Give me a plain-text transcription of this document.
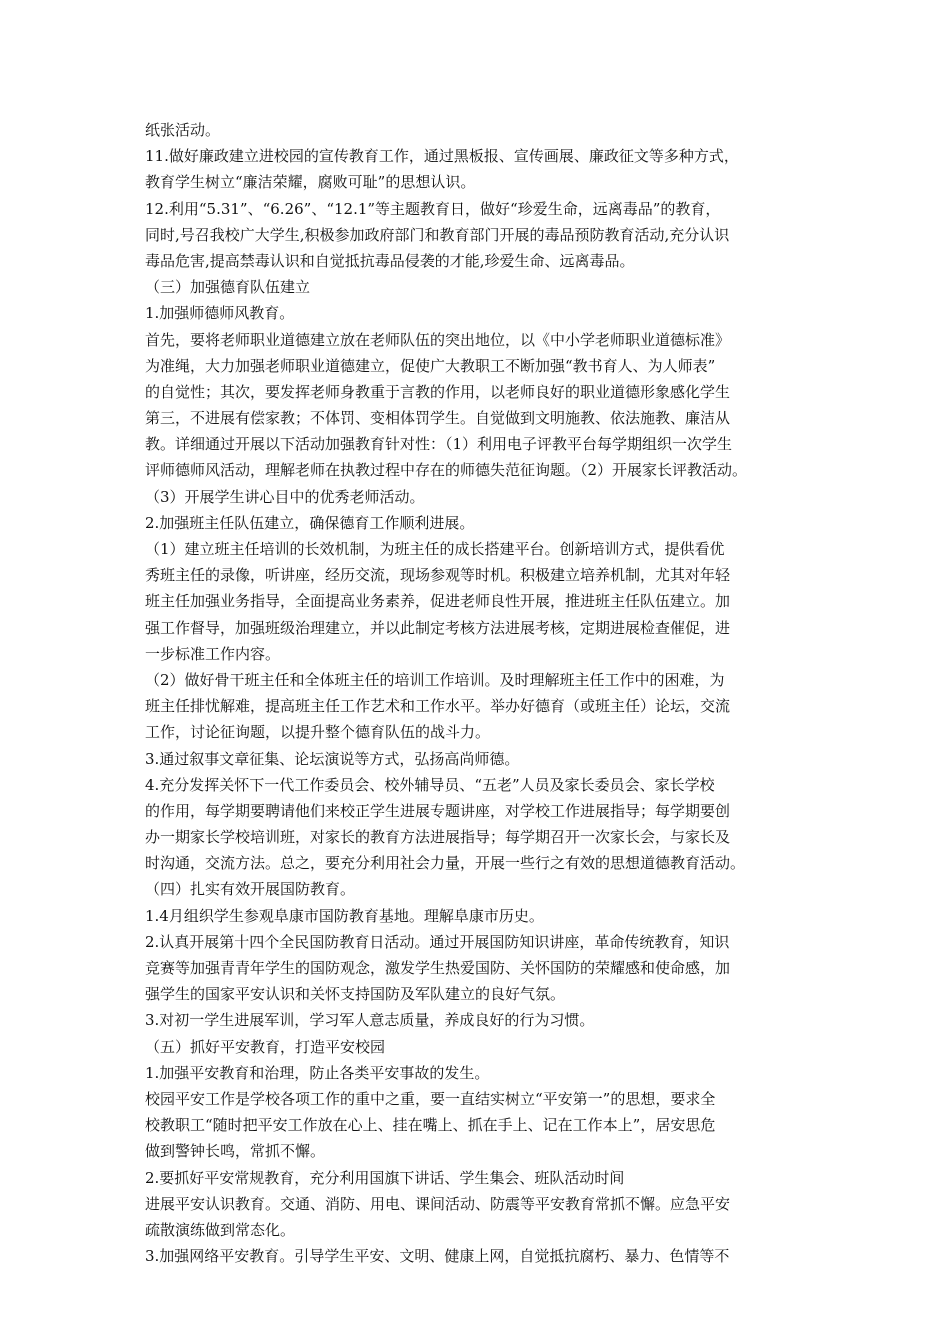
纸张活动。
11.做好廉政建立进校园的宣传教育工作，通过黑板报、宣传画展、廉政征文等多种方式，
教育学生树立“廉洁荣耀，腐败可耻”的思想认识。
12.利用“5.31”、“6.26”、“12.1”等主题教育日，做好“珍爱生命，远离毒品”的教育，
同时,号召我校广大学生,积极参加政府部门和教育部门开展的毒品预防教育活动,充分认识
毒品危害,提高禁毒认识和自觉抵抗毒品侵袭的才能,珍爱生命、远离毒品。
（三）加强德育队伍建立
1.加强师德师风教育。
首先，要将老师职业道德建立放在老师队伍的突出地位，以《中小学老师职业道德标准》
为准绳，大力加强老师职业道德建立，促使广大教职工不断加强“教书育人、为人师表”
的自觉性；其次，要发挥老师身教重于言教的作用，以老师良好的职业道德形象感化学生
第三，不进展有偿家教；不体罚、变相体罚学生。自觉做到文明施教、依法施教、廉洁从
教。详细通过开展以下活动加强教育针对性：（1）利用电子评教平台每学期组织一次学生
评师德师风活动，理解老师在执教过程中存在的师德失范征询题。（2）开展家长评教活动。
（3）开展学生讲心目中的优秀老师活动。
2.加强班主任队伍建立，确保德育工作顺利进展。
（1）建立班主任培训的长效机制，为班主任的成长搭建平台。创新培训方式，提供看优
秀班主任的录像，听讲座，经历交流，现场参观等时机。积极建立培养机制，尤其对年轻
班主任加强业务指导，全面提高业务素养，促进老师良性开展，推进班主任队伍建立。加
强工作督导，加强班级治理建立，并以此制定考核方法进展考核，定期进展检查催促，进
一步标准工作内容。
（2）做好骨干班主任和全体班主任的培训工作培训。及时理解班主任工作中的困难，为
班主任排忧解难，提高班主任工作艺术和工作水平。举办好德育（或班主任）论坛，交流
工作，讨论征询题，以提升整个德育队伍的战斗力。
3.通过叙事文章征集、论坛演说等方式，弘扬高尚师德。
4.充分发挥关怀下一代工作委员会、校外辅导员、“五老”人员及家长委员会、家长学校
的作用，每学期要聘请他们来校正学生进展专题讲座，对学校工作进展指导；每学期要创
办一期家长学校培训班，对家长的教育方法进展指导；每学期召开一次家长会，与家长及
时沟通，交流方法。总之，要充分利用社会力量，开展一些行之有效的思想道德教育活动。
（四）扎实有效开展国防教育。
1.4月组织学生参观阜康市国防教育基地。理解阜康市历史。
2.认真开展第十四个全民国防教育日活动。通过开展国防知识讲座，革命传统教育，知识
竞赛等加强青青年学生的国防观念，激发学生热爱国防、关怀国防的荣耀感和使命感，加
强学生的国家平安认识和关怀支持国防及军队建立的良好气氛。
3.对初一学生进展军训，学习军人意志质量，养成良好的行为习惯。
（五）抓好平安教育，打造平安校园
1.加强平安教育和治理，防止各类平安事故的发生。
校园平安工作是学校各项工作的重中之重，要一直结实树立“平安第一”的思想，要求全
校教职工“随时把平安工作放在心上、挂在嘴上、抓在手上、记在工作本上”，居安思危
做到警钟长鸣，常抓不懈。
2.要抓好平安常规教育，充分利用国旗下讲话、学生集会、班队活动时间
进展平安认识教育。交通、消防、用电、课间活动、防震等平安教育常抓不懈。应急平安
疏散演练做到常态化。
3.加强网络平安教育。引导学生平安、文明、健康上网，自觉抵抗腐朽、暴力、色情等不
